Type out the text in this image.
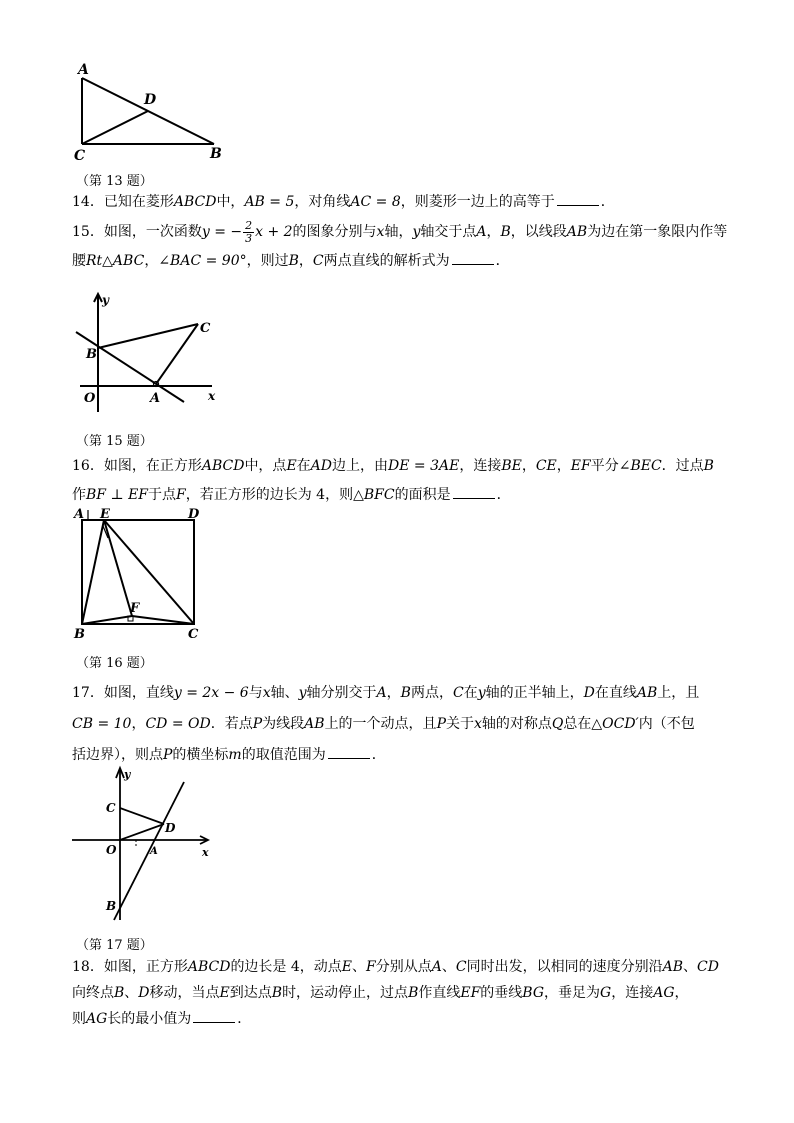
A
D
C	B
（第 13 题）
14．已知在菱形ABCD中，AB = 5，对角线AC = 8，则菱形一边上的高等于	．
15．如图，一次函数y = − $\frac{2}{3}$ x + 2的图象分别与x轴，y轴交于点A，B，以线段AB为边在第一象限内作等
腰Rt△ABC，∠BAC = 90°，则过B，C两点直线的解析式为	．
y
B
C
O	A	x
（第 15 题）
16．如图，在正方形ABCD中，点E在AD边上，由DE = 3AE，连接BE，CE，EF平分∠BEC．过点B
作BF ⊥ EF于点F，若正方形的边长为 4，则△BFC的面积是	．
A E	D
F
B	C
（第 16 题）
17．如图，直线y = 2x − 6与x轴、y轴分别交于A，B两点，C在y轴的正半轴上，D在直线AB上，且
CB = 10，CD = OD．若点P为线段AB上的一个动点，且P关于x轴的对称点Q总在△OCD′内（不包
括边界），则点P的横坐标m的取值范围为	．
C
D
O	A
B
y
x
（第 17 题）
18．如图，正方形ABCD的边长是 4，动点E、F分别从点A、C同时出发，以相同的速度分别沿AB、CD
向终点B、D移动，当点E到达点B时，运动停止，过点B作直线EF的垂线BG，垂足为G，连接AG，
则AG长的最小值为	．
